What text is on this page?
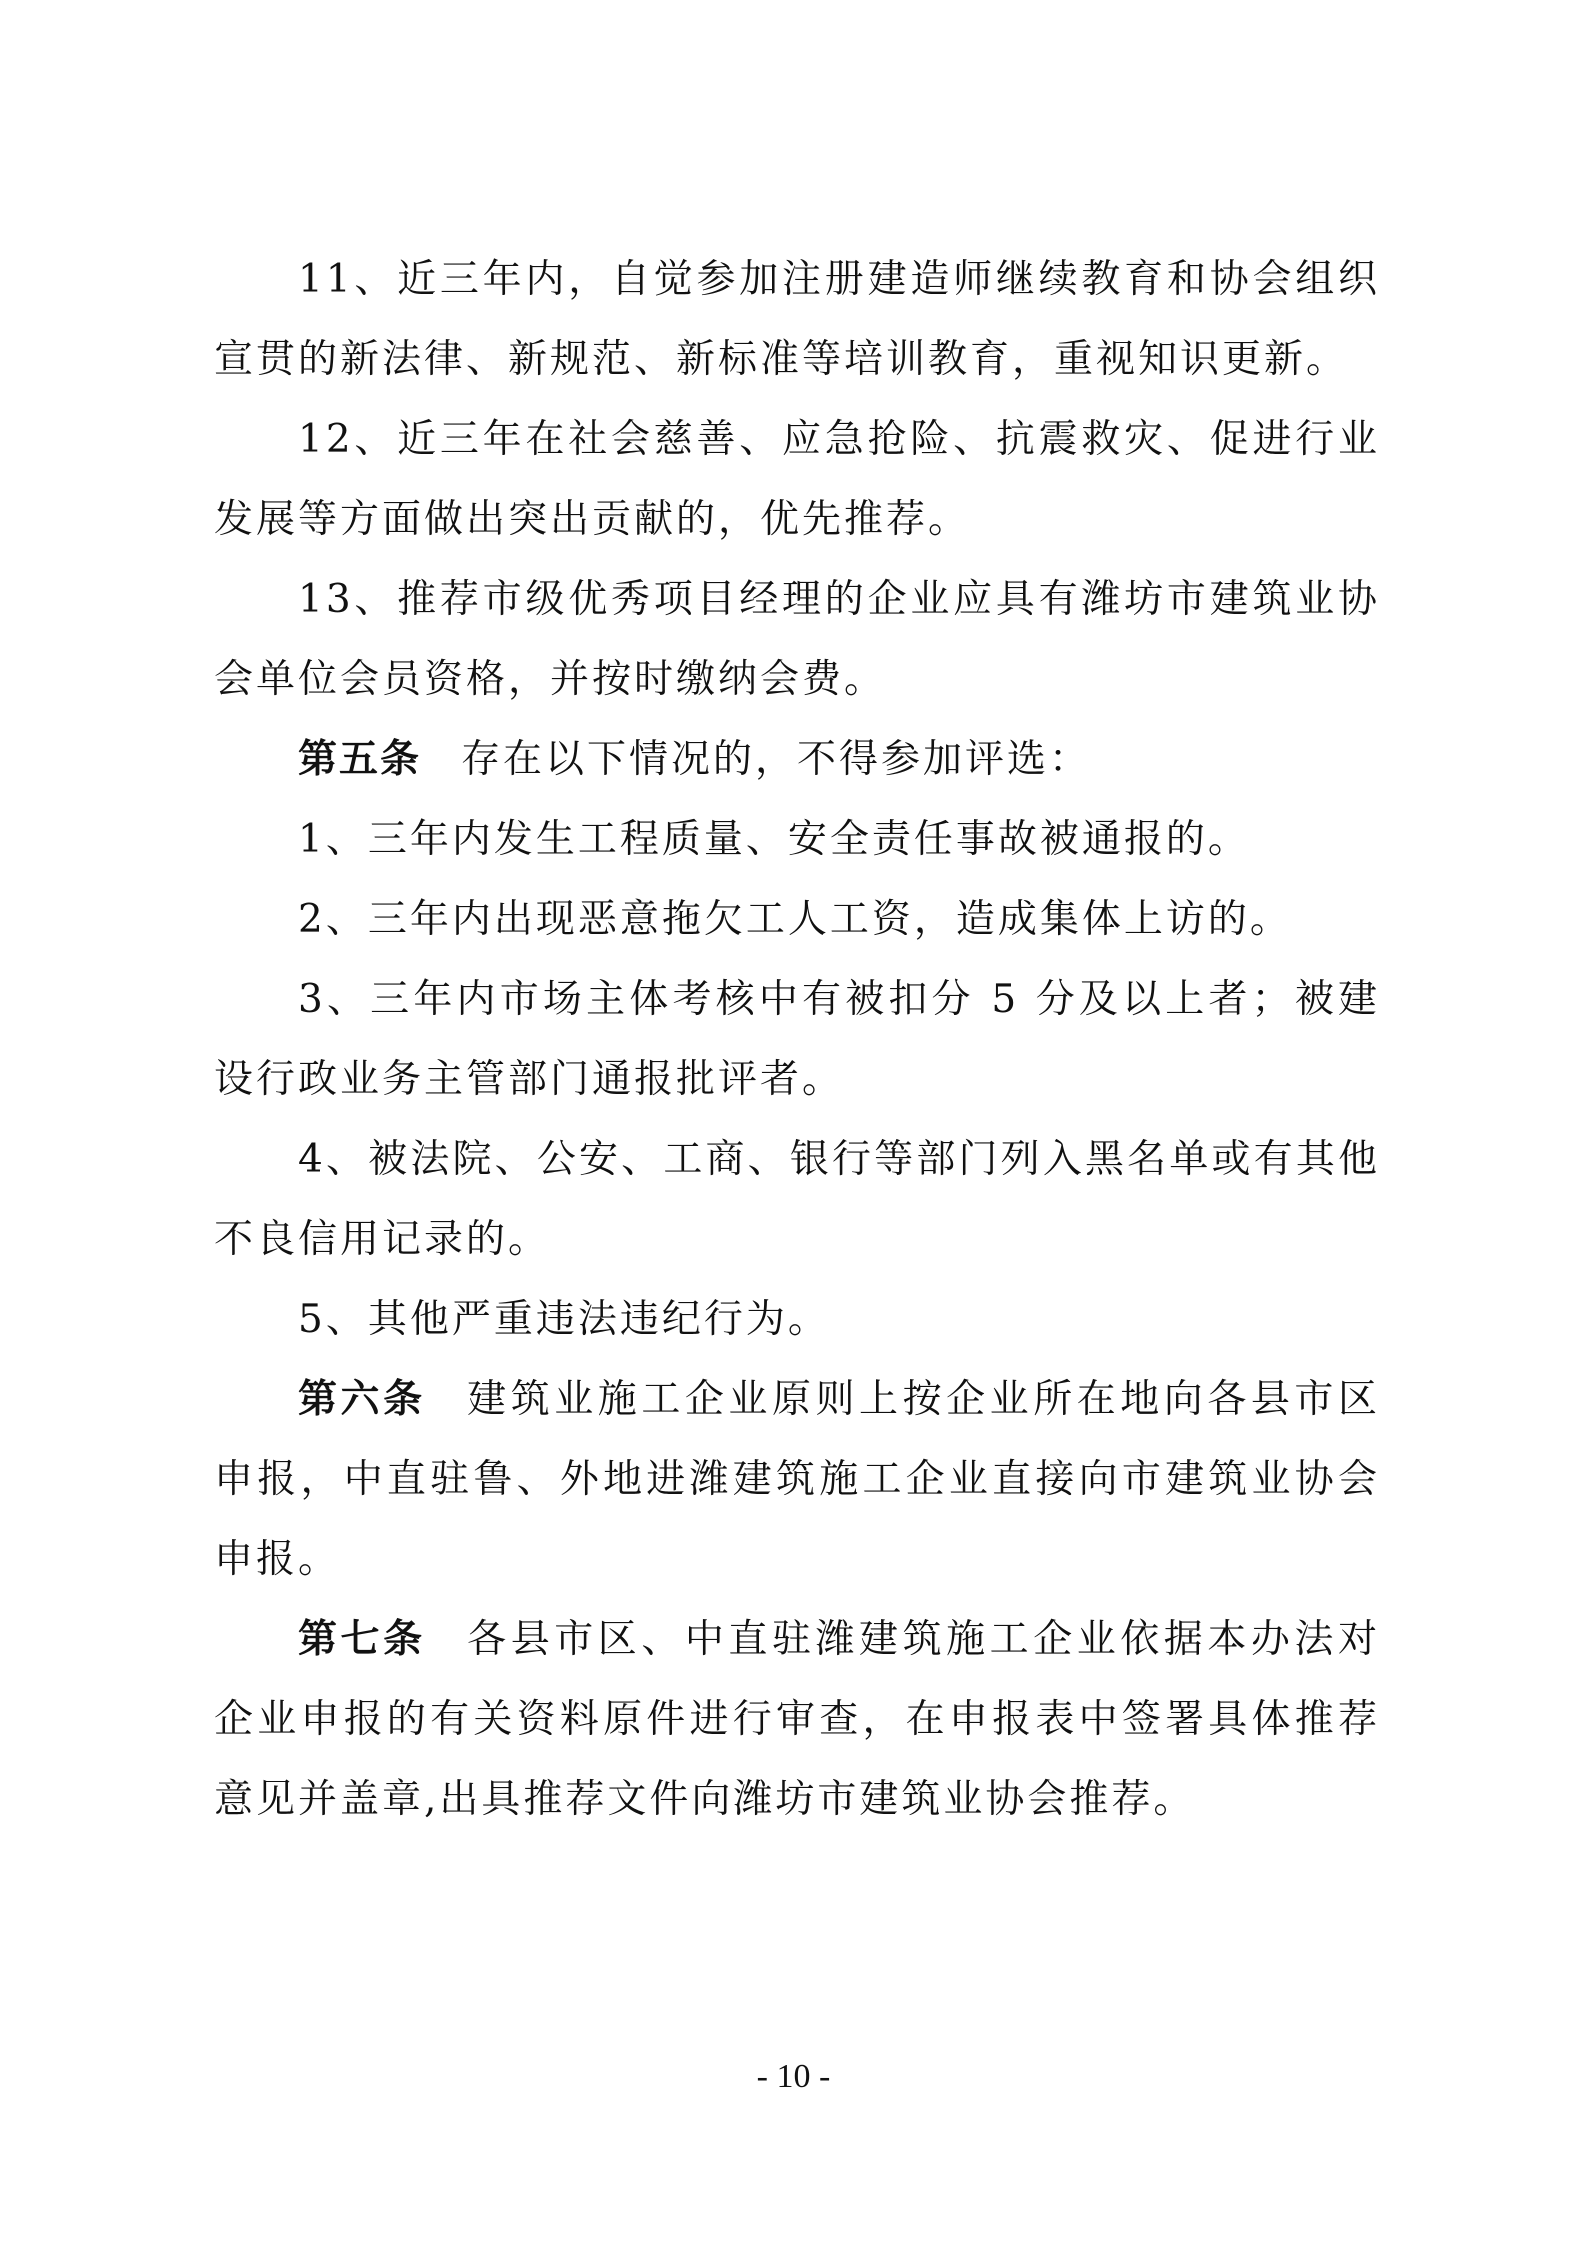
11、近三年内，自觉参加注册建造师继续教育和协会组织宣贯的新法律、新规范、新标准等培训教育，重视知识更新。

12、近三年在社会慈善、应急抢险、抗震救灾、促进行业发展等方面做出突出贡献的，优先推荐。

13、推荐市级优秀项目经理的企业应具有潍坊市建筑业协会单位会员资格，并按时缴纳会费。

第五条 存在以下情况的，不得参加评选：

1、三年内发生工程质量、安全责任事故被通报的。

2、三年内出现恶意拖欠工人工资，造成集体上访的。

3、三年内市场主体考核中有被扣分 5 分及以上者；被建设行政业务主管部门通报批评者。

4、被法院、公安、工商、银行等部门列入黑名单或有其他不良信用记录的。

5、其他严重违法违纪行为。

第六条 建筑业施工企业原则上按企业所在地向各县市区申报，中直驻鲁、外地进潍建筑施工企业直接向市建筑业协会申报。

第七条 各县市区、中直驻潍建筑施工企业依据本办法对企业申报的有关资料原件进行审查，在申报表中签署具体推荐意见并盖章,出具推荐文件向潍坊市建筑业协会推荐。

- 10 -
